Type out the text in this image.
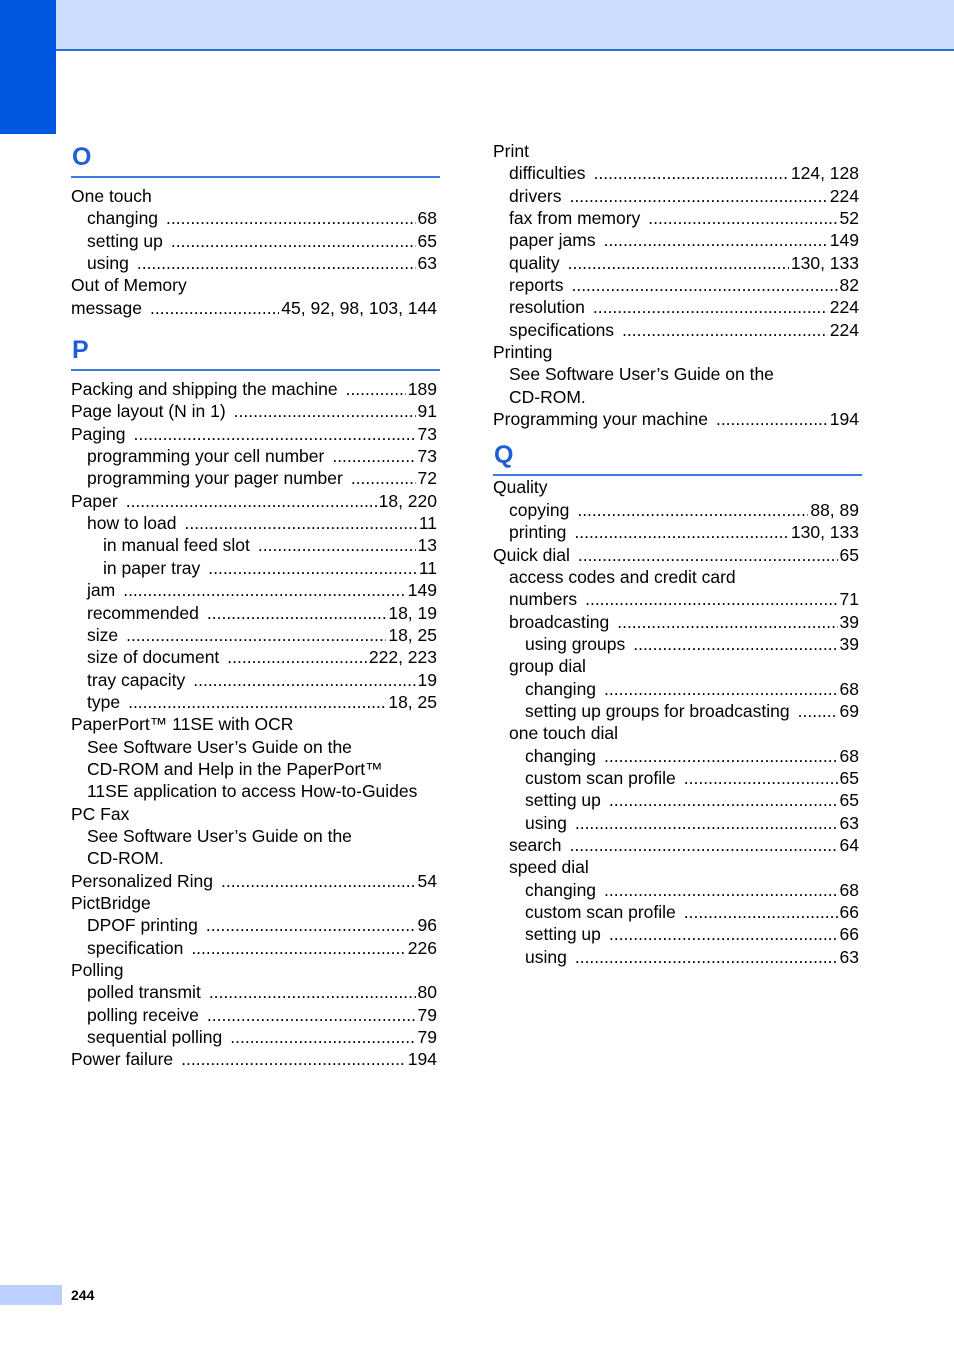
O
One touch
changing .....	68
setting up .....	65
using .....	63
Out of Memory
message .....	45, 92, 98, 103, 144
P
Packing and shipping the machine .....	189
Page layout (N in 1) .....	91
Paging .....	73
programming your cell number .....	73
programming your pager number .....	72
Paper .....	18, 220
how to load .....	11
in manual feed slot .....	13
in paper tray .....	11
jam .....	149
recommended .....	18, 19
size .....	18, 25
size of document .....	222, 223
tray capacity .....	19
type .....	18, 25
PaperPort™ 11SE with OCR
See Software User’s Guide on the
CD-ROM and Help in the PaperPort™
11SE application to access How-to-Guides
PC Fax
See Software User’s Guide on the
CD-ROM.
Personalized Ring .....	54
PictBridge
DPOF printing .....	96
specification .....	226
Polling
polled transmit .....	80
polling receive .....	79
sequential polling .....	79
Power failure .....	194
Print
difficulties .....	124, 128
drivers .....	224
fax from memory .....	52
paper jams .....	149
quality .....	130, 133
reports .....	82
resolution .....	224
specifications .....	224
Printing
See Software User’s Guide on the
CD-ROM.
Programming your machine .....	194
Q
Quality
copying .....	88, 89
printing .....	130, 133
Quick dial .....	65
access codes and credit card
numbers .....	71
broadcasting .....	39
using groups .....	39
group dial
changing .....	68
setting up groups for broadcasting .....	69
one touch dial
changing .....	68
custom scan profile .....	65
setting up .....	65
using .....	63
search .....	64
speed dial
changing .....	68
custom scan profile .....	66
setting up .....	66
using .....	63
244
